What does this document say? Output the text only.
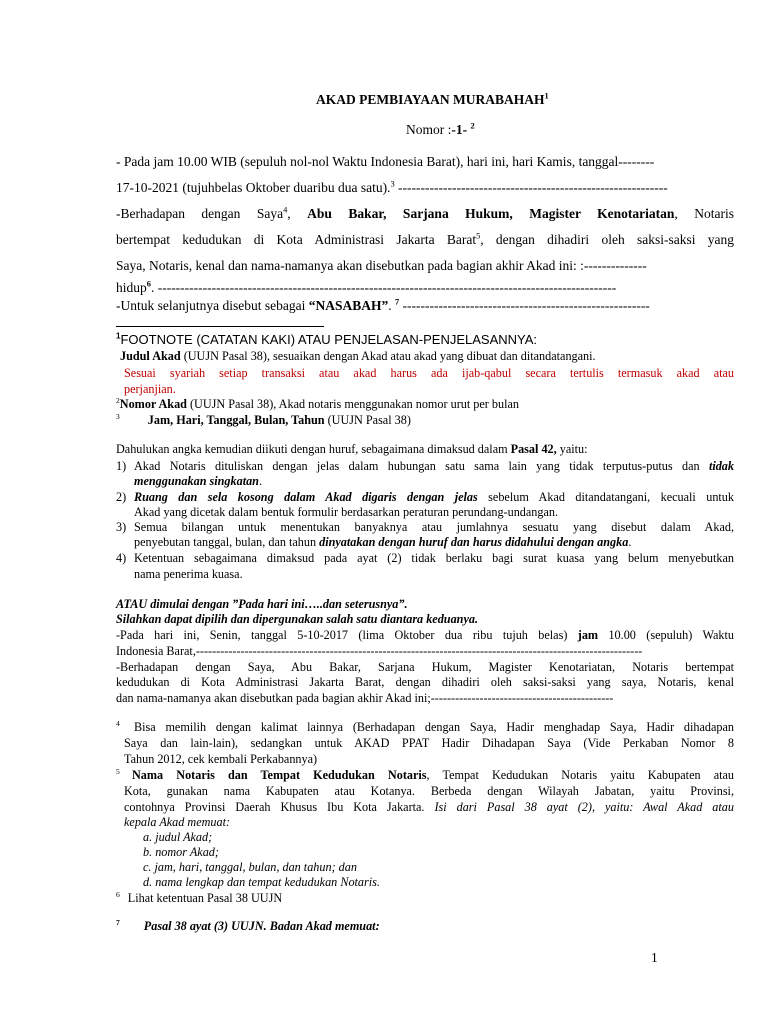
AKAD PEMBIAYAAN MURABAHAH$^1$
Nomor :-1- $^2$
- Pada jam 10.00 WIB (sepuluh nol-nol Waktu Indonesia Barat), hari ini, hari Kamis, tanggal--------
17-10-2021 (tujuhbelas Oktober duaribu dua satu).$^3$ ------------------------------------------------------------
-Berhadapan dengan Saya$^4$, Abu Bakar, Sarjana Hukum, Magister Kenotariatan, Notaris
bertempat kedudukan di Kota Administrasi Jakarta Barat$^5$, dengan dihadiri oleh saksi-saksi yang
Saya, Notaris, kenal dan nama-namanya akan disebutkan pada bagian akhir Akad ini: :--------------
hidup$^6$. ------------------------------------------------------------------------------------------------------
-Untuk selanjutnya disebut sebagai “NASABAH”. $^7$ -------------------------------------------------------
$^1$FOOTNOTE (CATATAN KAKI) ATAU PENJELASAN-PENJELASANNYA:
Judul Akad (UUJN Pasal 38), sesuaikan dengan Akad atau akad yang dibuat dan ditandatangani.
Sesuai syariah setiap transaksi atau akad harus ada ijab-qabul secara tertulis termasuk akad atau
perjanjian.
$^2$Nomor Akad (UUJN Pasal 38), Akad notaris menggunakan nomor urut per bulan
$^3$ Jam, Hari, Tanggal, Bulan, Tahun (UUJN Pasal 38)
Dahulukan angka kemudian diikuti dengan huruf, sebagaimana dimaksud dalam Pasal 42, yaitu:
1) Akad Notaris dituliskan dengan jelas dalam hubungan satu sama lain yang tidak terputus-putus dan tidak
menggunakan singkatan.
2) Ruang dan sela kosong dalam Akad digaris dengan jelas sebelum Akad ditandatangani, kecuali untuk
Akad yang dicetak dalam bentuk formulir berdasarkan peraturan perundang-undangan.
3) Semua bilangan untuk menentukan banyaknya atau jumlahnya sesuatu yang disebut dalam Akad,
penyebutan tanggal, bulan, dan tahun dinyatakan dengan huruf dan harus didahului dengan angka.
4) Ketentuan sebagaimana dimaksud pada ayat (2) tidak berlaku bagi surat kuasa yang belum menyebutkan
nama penerima kuasa.
ATAU dimulai dengan ”Pada hari ini…..dan seterusnya”.
Silahkan dapat dipilih dan dipergunakan salah satu diantara keduanya.
-Pada hari ini, Senin, tanggal 5-10-2017 (lima Oktober dua ribu tujuh belas) jam 10.00 (sepuluh) Waktu
Indonesia Barat,--------------------------------------------------------------------------------------------------------------
-Berhadapan dengan Saya, Abu Bakar, Sarjana Hukum, Magister Kenotariatan, Notaris bertempat
kedudukan di Kota Administrasi Jakarta Barat, dengan dihadiri oleh saksi-saksi yang saya, Notaris, kenal
dan nama-namanya akan disebutkan pada bagian akhir Akad ini;---------------------------------------------
$^4$ Bisa memilih dengan kalimat lainnya (Berhadapan dengan Saya, Hadir menghadap Saya, Hadir dihadapan
Saya dan lain-lain), sedangkan untuk AKAD PPAT Hadir Dihadapan Saya (Vide Perkaban Nomor 8
Tahun 2012, cek kembali Perkabannya)
$^5$ Nama Notaris dan Tempat Kedudukan Notaris, Tempat Kedudukan Notaris yaitu Kabupaten atau
Kota, gunakan nama Kabupaten atau Kotanya. Berbeda dengan Wilayah Jabatan, yaitu Provinsi,
contohnya Provinsi Daerah Khusus Ibu Kota Jakarta. Isi dari Pasal 38 ayat (2), yaitu: Awal Akad atau
kepala Akad memuat:
a. judul Akad;
b. nomor Akad;
c. jam, hari, tanggal, bulan, dan tahun; dan
d. nama lengkap dan tempat kedudukan Notaris.
$^6$ Lihat ketentuan Pasal 38 UUJN
$^7$ Pasal 38 ayat (3) UUJN. Badan Akad memuat:
1
